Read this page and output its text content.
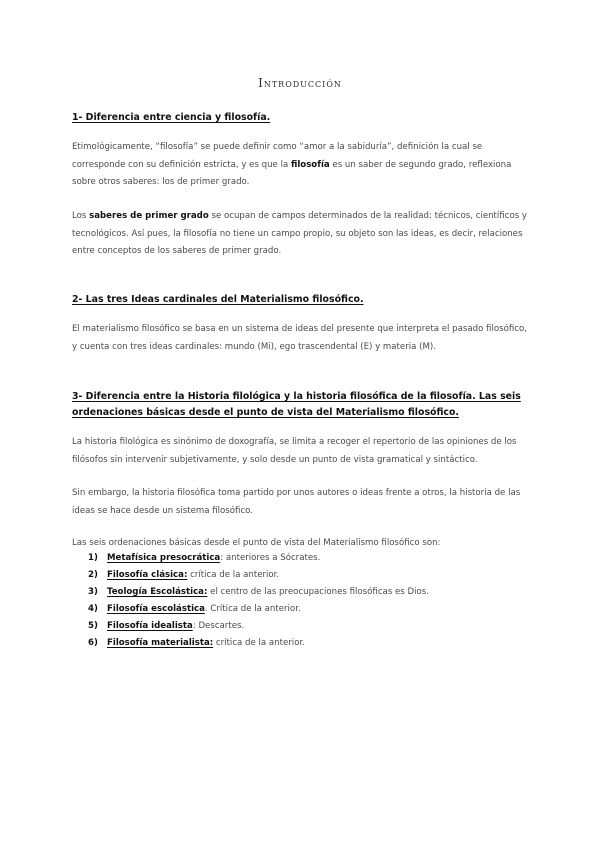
Introducción
1- Diferencia entre ciencia y filosofía.

Etimológicamente, “filosofía” se puede definir como “amor a la sabiduría”, definición la cual se corresponde con su definición estricta, y es que la filosofía es un saber de segundo grado, reflexiona sobre otros saberes: los de primer grado.

Los saberes de primer grado se ocupan de campos determinados de la realidad: técnicos, científicos y tecnológicos. Así pues, la filosofía no tiene un campo propio, su objeto son las ideas, es decir, relaciones entre conceptos de los saberes de primer grado.

2- Las tres Ideas cardinales del Materialismo filosófico.

El materialismo filosófico se basa en un sistema de ideas del presente que interpreta el pasado filosófico, y cuenta con tres ideas cardinales: mundo (Mi), ego trascendental (E) y materia (M).

3- Diferencia entre la Historia filológica y la historia filosófica de la filosofía. Las seis ordenaciones básicas desde el punto de vista del Materialismo filosófico.

La historia filológica es sinónimo de doxografía, se limita a recoger el repertorio de las opiniones de los filósofos sin intervenir subjetivamente, y solo desde un punto de vista gramatical y sintáctico.

Sin embargo, la historia filosófica toma partido por unos autores o ideas frente a otros, la historia de las ideas se hace desde un sistema filosófico.

Las seis ordenaciones básicas desde el punto de vista del Materialismo filosófico son:

1) Metafísica presocrática: anteriores a Sócrates.
2) Filosofía clásica: crítica de la anterior.
3) Teología Escolástica: el centro de las preocupaciones filosóficas es Dios.
4) Filosofía escolástica. Crítica de la anterior.
5) Filosofía idealista: Descartes.
6) Filosofía materialista: crítica de la anterior.
